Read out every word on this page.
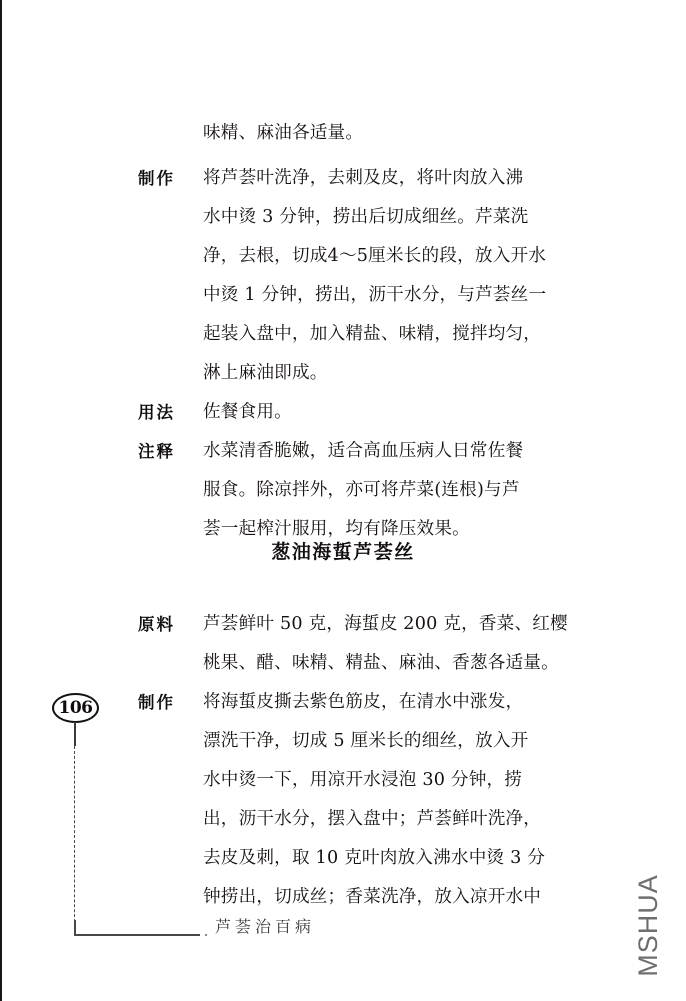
味精、麻油各适量。
制作	将芦荟叶洗净，去刺及皮，将叶肉放入沸
水中烫 3 分钟，捞出后切成细丝。芹菜洗
净，去根，切成4～5厘米长的段，放入开水
中烫 1 分钟，捞出，沥干水分，与芦荟丝一
起装入盘中，加入精盐、味精，搅拌均匀，
淋上麻油即成。
用法	佐餐食用。
注释	水菜清香脆嫩，适合高血压病人日常佐餐
服食。除凉拌外，亦可将芹菜(连根)与芦
荟一起榨汁服用，均有降压效果。
葱油海蜇芦荟丝
原料	芦荟鲜叶 50 克，海蜇皮 200 克，香菜、红樱
桃果、醋、味精、精盐、麻油、香葱各适量。
制作	将海蜇皮撕去紫色筋皮，在清水中涨发，
漂洗干净，切成 5 厘米长的细丝，放入开
水中烫一下，用凉开水浸泡 30 分钟，捞
出，沥干水分，摆入盘中；芦荟鲜叶洗净，
去皮及刺，取 10 克叶肉放入沸水中烫 3 分
钟捞出，切成丝；香菜洗净，放入凉开水中
106
芦荟治百病	MSHUA
